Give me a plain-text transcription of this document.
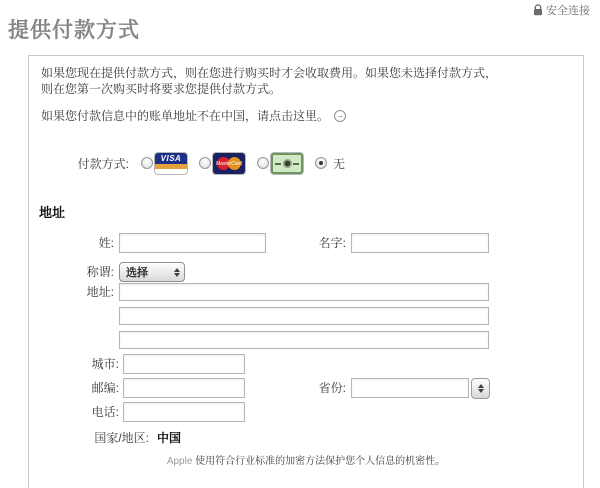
安全连接
提供付款方式
如果您现在提供付款方式，则在您进行购买时才会收取费用。如果您未选择付款方式，
则在您第一次购买时将要求您提供付款方式。
如果您付款信息中的账单地址不在中国，请点击这里。 →
付款方式:	VISA
MasterCard	无
地址
姓:	名字:
称谓:	选择
地址:
城市:
邮编:	省份:
电话:
国家/地区: 中国
Apple 使用符合行业标准的加密方法保护您个人信息的机密性。
